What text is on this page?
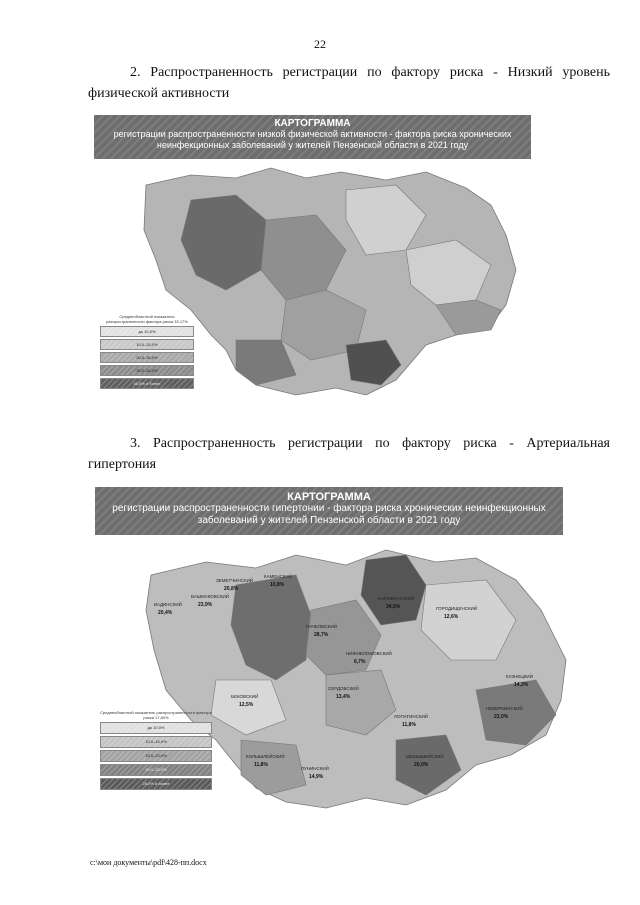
22
2. Распространенность регистрации по фактору риска - Низкий уровень физической активности
КАРТОГРАММА
регистрации распространенности низкой физической активности - фактора риска хронических неинфекционных заболеваний у жителей Пензенской области в 2021 году
Среднеобластной показатель распространенности фактора риска 33,17%
до 10,0%
10,0–20,0%
20,0–30,0%
30,0–40,0%
40,0% и более
3. Распространенность регистрации по фактору риска - Артериальная гипертония
КАРТОГРАММА
регистрации распространенности гипертонии - фактора риска хронических неинфекционных заболеваний у жителей Пензенской области в 2021 году
ВАДИНСКИЙ
20,4%
БАШМАКОВСКИЙ
23,9%
ПАЧЕЛМСКИЙ
28,7%
ЗЕМЕТЧИНСКИЙ
20,8%
НАРОВЧАТСКИЙ
34,5%
КАМЕНСКИЙ
10,8%
НИЖНЕЛОМОВСКИЙ
6,7%
ГОРОДИЩЕНСКИЙ
12,6%
БЕКОВСКИЙ
12,5%
КОЛЫШЛЕЙСКИЙ
11,8%
СЕРДОБСКИЙ
13,4%
НЕВЕРКИНСКИЙ
22,0%
КУЗНЕЦКИЙ
14,3%
ЛОПАТИНСКИЙ
11,8%
ШЕМЫШЕЙСКИЙ
20,0%
ЛУНИНСКИЙ
14,9%
Среднеобластной показатель распространенности фактора риска 17,84%
до 10,0%
10,0–15,0%
15,0–20,0%
20,0–25,0%
25,0% и более
c:\мои документы\pdf\428-пп.docx
